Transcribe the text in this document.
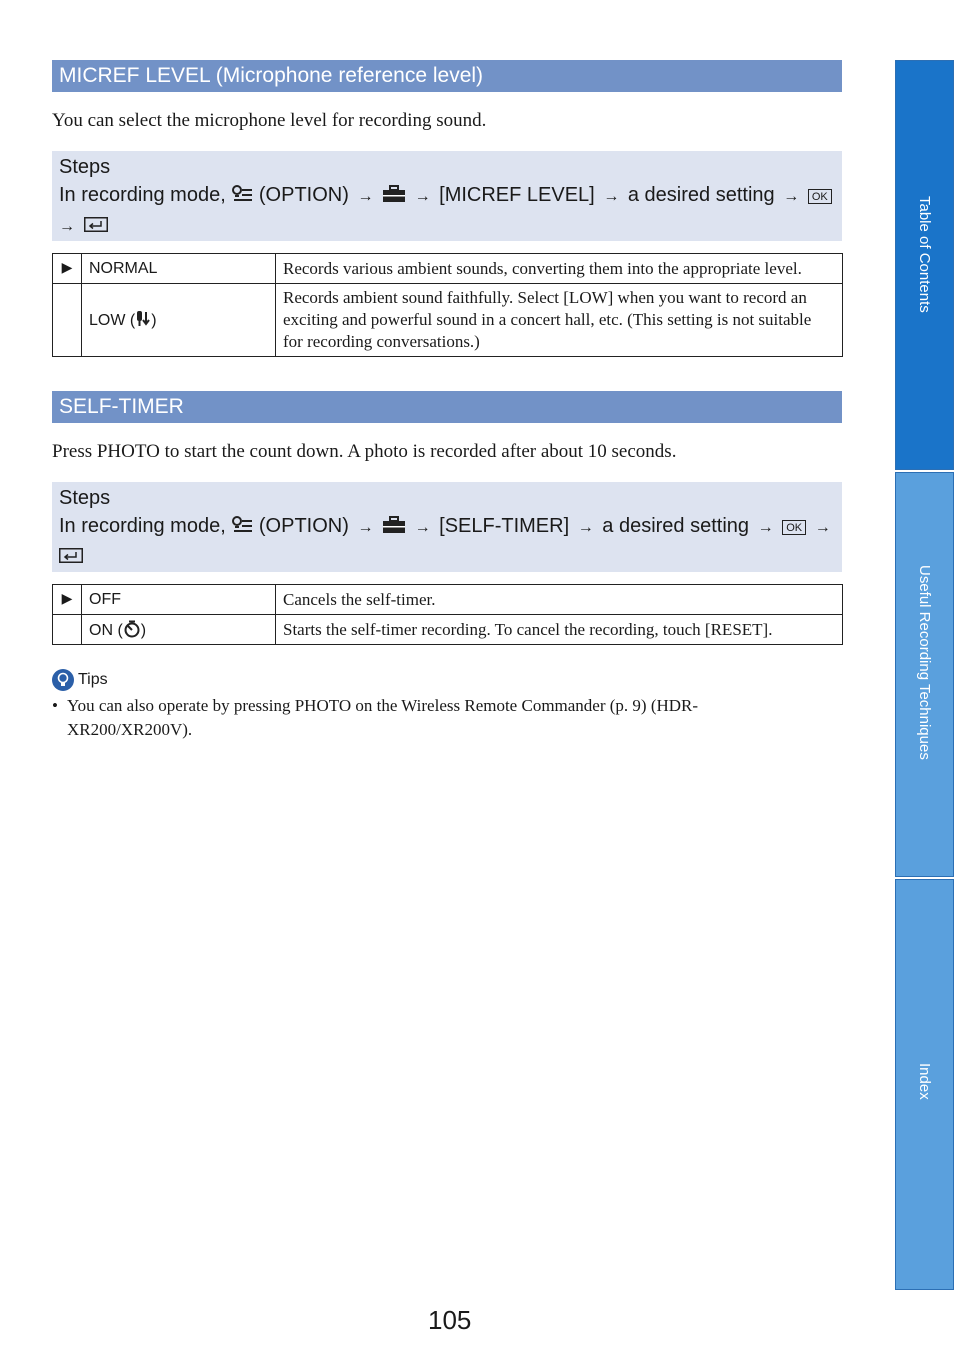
MICREF LEVEL (Microphone reference level)
You can select the microphone level for recording sound.
Steps
In recording mode, (OPTION) →	→ [MICREF LEVEL] → a desired setting → OK
→
▶	NORMAL	Records various ambient sounds, converting them into the appropriate level.
	LOW ( )	Records ambient sound faithfully. Select [LOW] when you want to record an exciting and powerful sound in a concert hall, etc. (This setting is not suitable for recording conversations.)
SELF-TIMER
Press PHOTO to start the count down. A photo is recorded after about 10 seconds.
Steps
In recording mode, (OPTION) →	→ [SELF-TIMER] → a desired setting → OK →
▶	OFF	Cancels the self-timer.
	ON ( )	Starts the self-timer recording. To cancel the recording, touch [RESET].
Tips
• You can also operate by pressing PHOTO on the Wireless Remote Commander (p. 9) (HDR-XR200/XR200V).
Table of Contents
Useful Recording Techniques
Index
105
